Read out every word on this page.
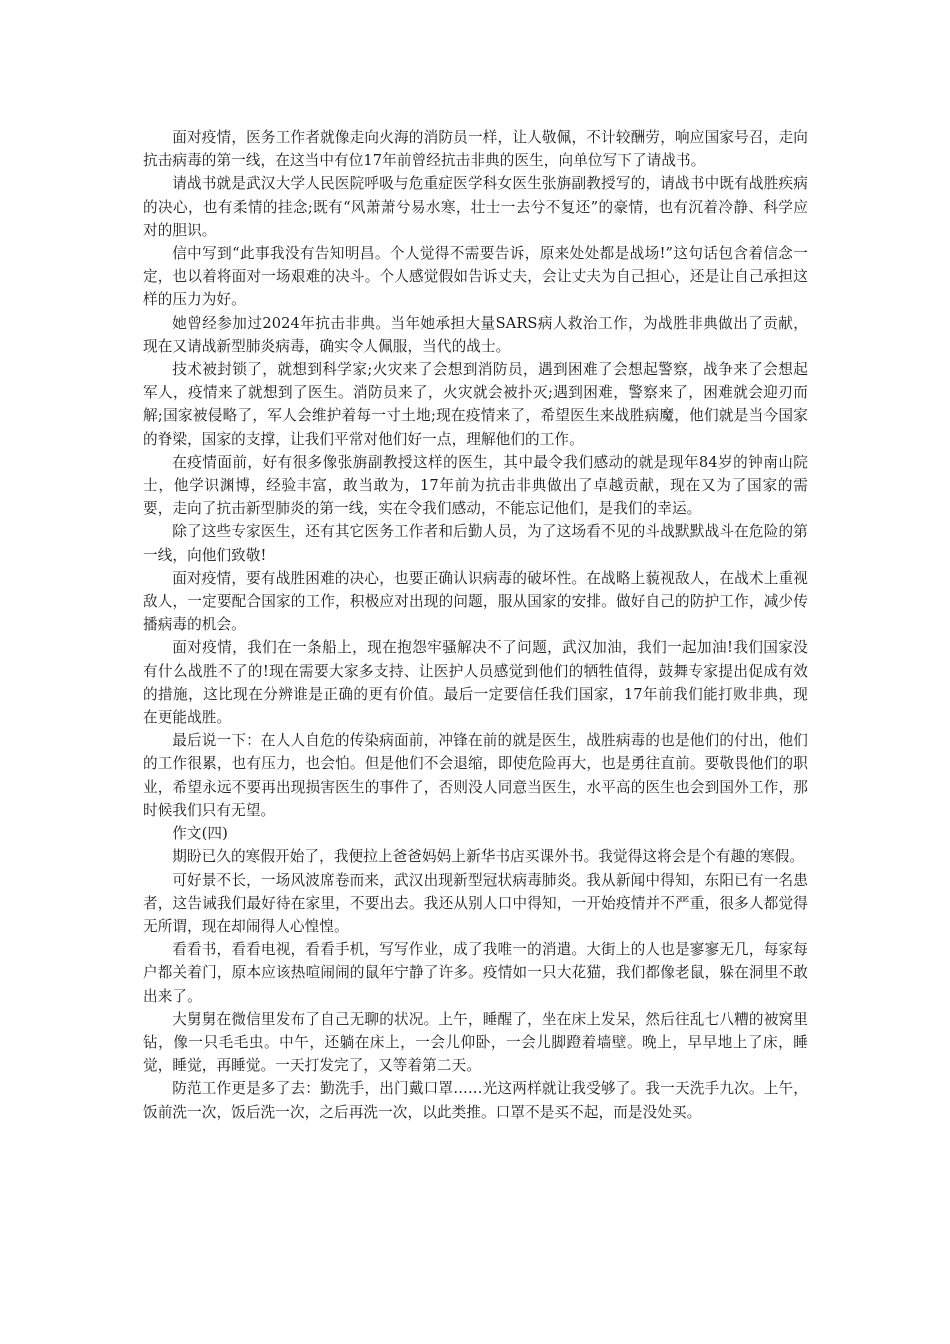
面对疫情，医务工作者就像走向火海的消防员一样，让人敬佩，不计较酬劳，响应国家号召，走向抗击病毒的第一线，在这当中有位17年前曾经抗击非典的医生，向单位写下了请战书。

请战书就是武汉大学人民医院呼吸与危重症医学科女医生张旃副教授写的，请战书中既有战胜疾病的决心，也有柔情的挂念;既有“风萧萧兮易水寒，壮士一去兮不复还”的豪情，也有沉着冷静、科学应对的胆识。

信中写到“此事我没有告知明昌。个人觉得不需要告诉，原来处处都是战场!”这句话包含着信念一定，也以着将面对一场艰难的决斗。个人感觉假如告诉丈夫，会让丈夫为自己担心，还是让自己承担这样的压力为好。

她曾经参加过2024年抗击非典。当年她承担大量SARS病人救治工作，为战胜非典做出了贡献，现在又请战新型肺炎病毒，确实令人佩服，当代的战士。

技术被封锁了，就想到科学家;火灾来了会想到消防员，遇到困难了会想起警察，战争来了会想起军人，疫情来了就想到了医生。消防员来了，火灾就会被扑灭;遇到困难，警察来了，困难就会迎刃而解;国家被侵略了，军人会维护着每一寸土地;现在疫情来了，希望医生来战胜病魔，他们就是当今国家的脊梁，国家的支撑，让我们平常对他们好一点，理解他们的工作。

在疫情面前，好有很多像张旃副教授这样的医生，其中最令我们感动的就是现年84岁的钟南山院士，他学识渊博，经验丰富，敢当敢为，17年前为抗击非典做出了卓越贡献，现在又为了国家的需要，走向了抗击新型肺炎的第一线，实在令我们感动，不能忘记他们，是我们的幸运。

除了这些专家医生，还有其它医务工作者和后勤人员，为了这场看不见的斗战默默战斗在危险的第一线，向他们致敬!

面对疫情，要有战胜困难的决心，也要正确认识病毒的破坏性。在战略上藐视敌人，在战术上重视敌人，一定要配合国家的工作，积极应对出现的问题，服从国家的安排。做好自己的防护工作，减少传播病毒的机会。

面对疫情，我们在一条船上，现在抱怨牢骚解决不了问题，武汉加油，我们一起加油!我们国家没有什么战胜不了的!现在需要大家多支持、让医护人员感觉到他们的牺牲值得，鼓舞专家提出促成有效的措施，这比现在分辨谁是正确的更有价值。最后一定要信任我们国家，17年前我们能打败非典，现在更能战胜。

最后说一下：在人人自危的传染病面前，冲锋在前的就是医生，战胜病毒的也是他们的付出，他们的工作很累，也有压力，也会怕。但是他们不会退缩，即使危险再大，也是勇往直前。要敬畏他们的职业，希望永远不要再出现损害医生的事件了，否则没人同意当医生，水平高的医生也会到国外工作，那时候我们只有无望。

作文(四)

期盼已久的寒假开始了，我便拉上爸爸妈妈上新华书店买课外书。我觉得这将会是个有趣的寒假。

可好景不长，一场风波席卷而来，武汉出现新型冠状病毒肺炎。我从新闻中得知，东阳已有一名患者，这告诫我们最好待在家里，不要出去。我还从别人口中得知，一开始疫情并不严重，很多人都觉得无所谓，现在却闹得人心惶惶。

看看书，看看电视，看看手机，写写作业，成了我唯一的消遣。大街上的人也是寥寥无几，每家每户都关着门，原本应该热喧闹闹的鼠年宁静了许多。疫情如一只大花猫，我们都像老鼠，躲在洞里不敢出来了。

大舅舅在微信里发布了自己无聊的状况。上午，睡醒了，坐在床上发呆，然后往乱七八糟的被窝里钻，像一只毛毛虫。中午，还躺在床上，一会儿仰卧，一会儿脚蹬着墙壁。晚上，早早地上了床，睡觉，睡觉，再睡觉。一天打发完了，又等着第二天。

防范工作更是多了去：勤洗手，出门戴口罩……光这两样就让我受够了。我一天洗手九次。上午，饭前洗一次，饭后洗一次，之后再洗一次，以此类推。口罩不是买不起，而是没处买。
